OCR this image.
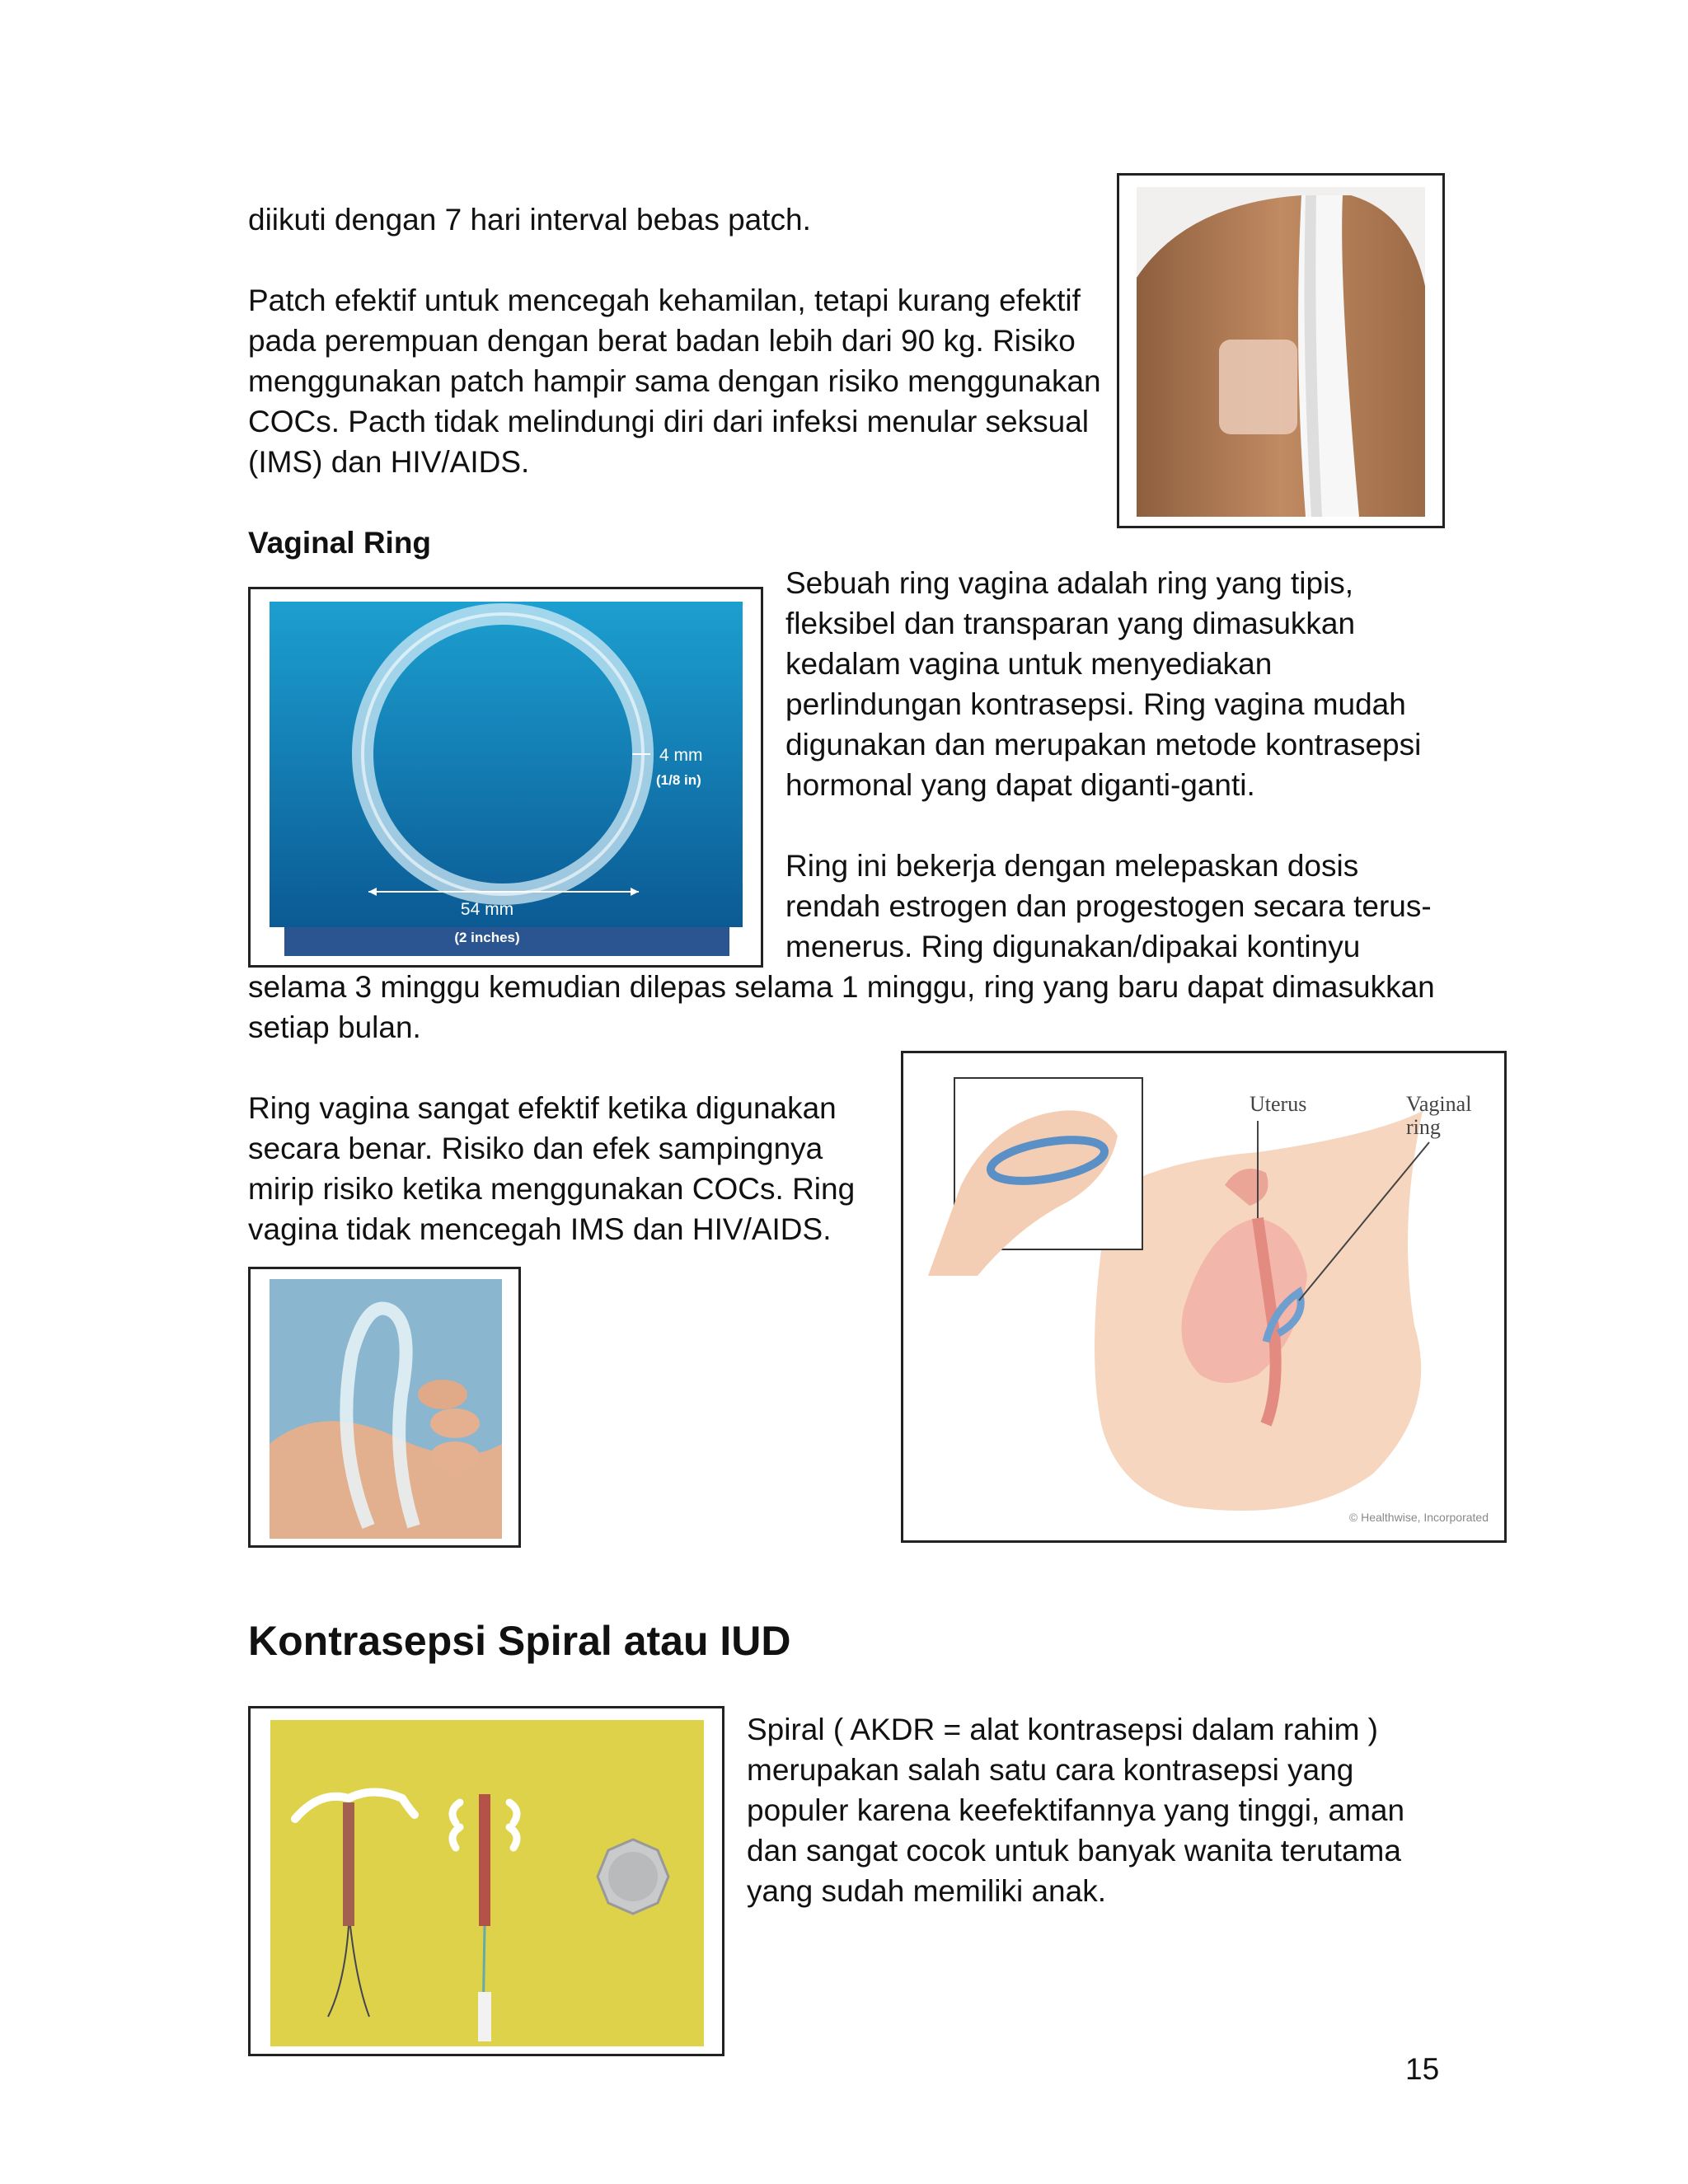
diikuti dengan 7 hari interval bebas patch.

Patch efektif untuk mencegah kehamilan, tetapi kurang efektif

pada perempuan dengan berat badan lebih dari 90 kg. Risiko

menggunakan patch hampir sama dengan risiko menggunakan

COCs. Pacth tidak melindungi diri dari infeksi menular seksual

(IMS) dan HIV/AIDS.

Vaginal Ring
4 mm
(1/8 in)
54 mm
(2 inches)

Sebuah ring vagina adalah ring yang tipis,

fleksibel dan transparan yang dimasukkan

kedalam vagina untuk menyediakan

perlindungan kontrasepsi. Ring vagina mudah

digunakan dan merupakan metode kontrasepsi

hormonal yang dapat diganti-ganti.

Ring ini bekerja dengan melepaskan dosis

rendah estrogen dan progestogen secara terus-

menerus. Ring digunakan/dipakai kontinyu

selama 3 minggu kemudian dilepas selama 1 minggu, ring yang baru dapat dimasukkan

setiap bulan.

Ring vagina sangat efektif ketika digunakan

secara benar. Risiko dan efek sampingnya

mirip risiko ketika menggunakan COCs. Ring

vagina tidak mencegah IMS dan HIV/AIDS.

Uterus	Vaginal
ring
© Healthwise, Incorporated
Kontrasepsi Spiral atau IUD

Spiral ( AKDR = alat kontrasepsi dalam rahim )

merupakan salah satu cara kontrasepsi yang

populer karena keefektifannya yang tinggi, aman

dan sangat cocok untuk banyak wanita terutama

yang sudah memiliki anak.

15
